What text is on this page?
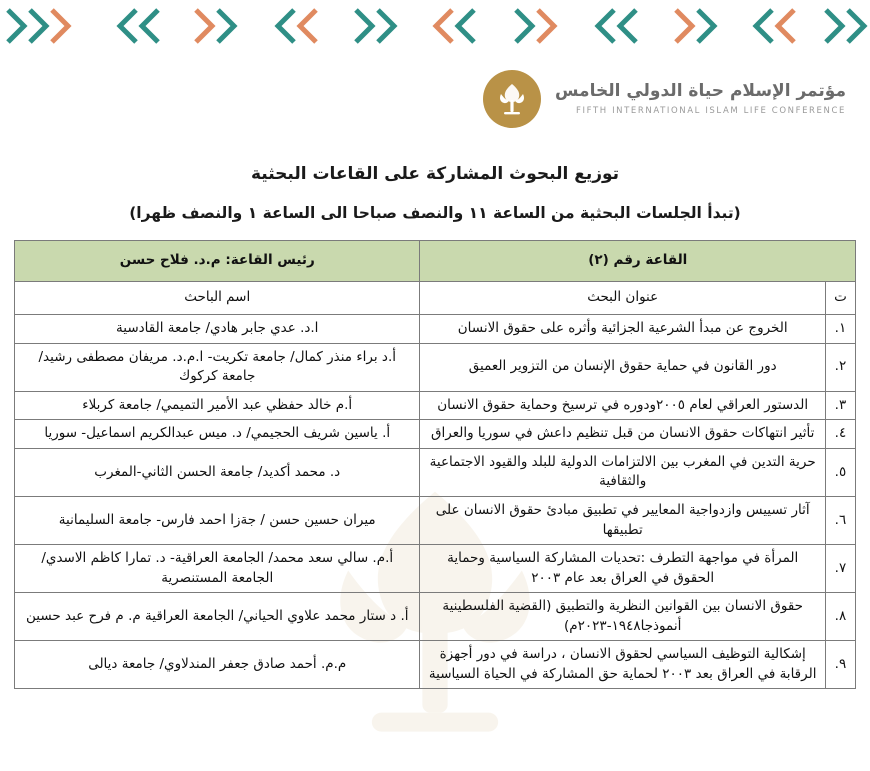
مؤتمر الإسلام حياة الدولي الخامس
FIFTH INTERNATIONAL ISLAM LIFE CONFERENCE
توزيع البحوث المشاركة على القاعات البحثية
(تبدأ الجلسات البحثية من الساعة ١١ والنصف صباحا الى الساعة ١ والنصف ظهرا)
القاعة رقم (٢)		رئيس القاعة: م.د. فلاح حسن
ت	عنوان البحث	اسم الباحث
١.	الخروج عن مبدأ الشرعية الجزائية وأثره على حقوق الانسان	ا.د. عدي جابر هادي/ جامعة القادسية
٢.	دور القانون في حماية حقوق الإنسان من التزوير العميق	أ.د براء منذر كمال/ جامعة تكريت- ا.م.د. مريفان مصطفى رشيد/ جامعة كركوك
٣.	الدستور العراقي لعام ٢٠٠٥ودوره في ترسيخ وحماية حقوق الانسان	أ.م خالد حفظي عبد الأمير التميمي/ جامعة كربلاء
٤.	تأثير انتهاكات حقوق الانسان من قبل تنظيم داعش في سوريا والعراق	أ. ياسين شريف الحجيمي/ د. ميس عبدالكريم اسماعيل- سوريا
٥.	حرية التدين في المغرب بين الالتزامات الدولية للبلد والقيود الاجتماعية والثقافية	د. محمد أكديد/ جامعة الحسن الثاني-المغرب
٦.	آثار تسييس وازدواجية المعايير في تطبيق مبادئ حقوق الانسان على تطبيقها	ميران حسين حسن / جةزا احمد فارس- جامعة السليمانية
٧.	المرأة في مواجهة التطرف :تحديات المشاركة السياسية وحماية الحقوق في العراق بعد عام ٢٠٠٣	أ.م. سالي سعد محمد/ الجامعة العراقية- د. تمارا كاظم الاسدي/ الجامعة المستنصرية
٨.	حقوق الانسان بين القوانين النظرية والتطبيق (القضية الفلسطينية أنموذجا١٩٤٨-٢٠٢٣م)	أ. د ستار محمد علاوي الحياني/ الجامعة العراقية م. م فرح عبد حسين
٩.	إشكالية التوظيف السياسي لحقوق الانسان ، دراسة في دور أجهزة الرقابة في العراق بعد ٢٠٠٣ لحماية حق المشاركة في الحياة السياسية	م.م. أحمد صادق جعفر المندلاوي/ جامعة ديالى
